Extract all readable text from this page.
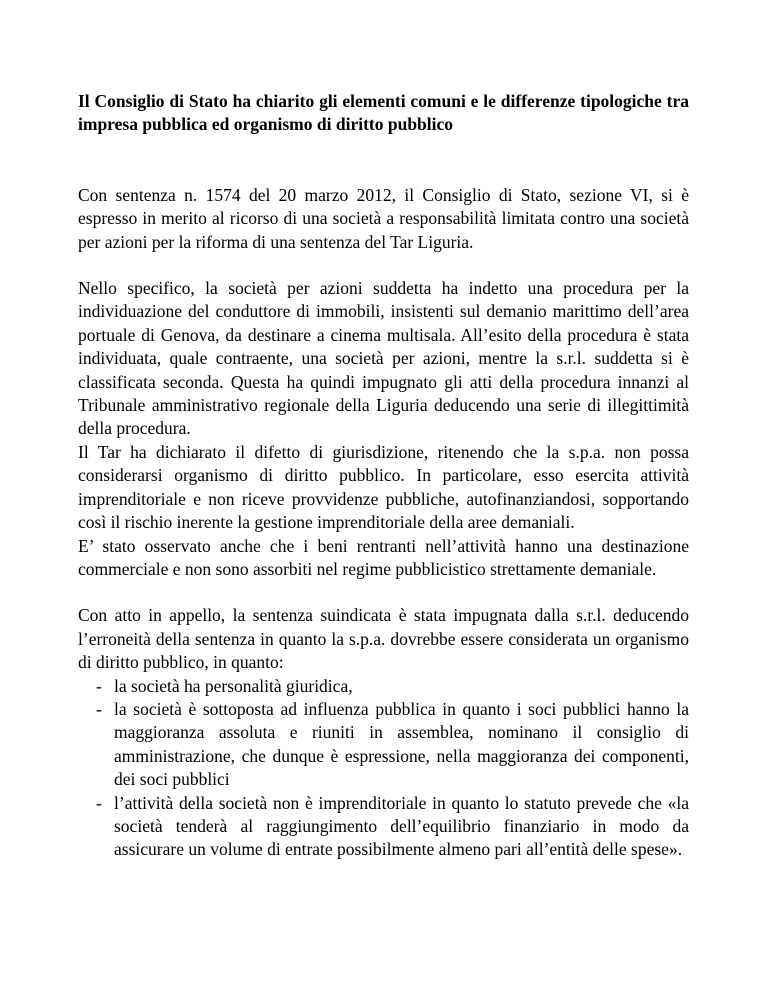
Il Consiglio di Stato ha chiarito gli elementi comuni e le differenze tipologiche tra impresa pubblica ed organismo di diritto pubblico

Con sentenza n. 1574 del 20 marzo 2012, il Consiglio di Stato, sezione VI, si è espresso in merito al ricorso di una società a responsabilità limitata contro una società per azioni per la riforma di una sentenza del Tar Liguria.

Nello specifico, la società per azioni suddetta ha indetto una procedura per la individuazione del conduttore di immobili, insistenti sul demanio marittimo dell’area portuale di Genova, da destinare a cinema multisala. All’esito della procedura è stata individuata, quale contraente, una società per azioni, mentre la s.r.l. suddetta si è classificata seconda. Questa ha quindi impugnato gli atti della procedura innanzi al Tribunale amministrativo regionale della Liguria deducendo una serie di illegittimità della procedura.

Il Tar ha dichiarato il difetto di giurisdizione, ritenendo che la s.p.a. non possa considerarsi organismo di diritto pubblico. In particolare, esso esercita attività imprenditoriale e non riceve provvidenze pubbliche, autofinanziandosi, sopportando così il rischio inerente la gestione imprenditoriale della aree demaniali.

E’ stato osservato anche che i beni rentranti nell’attività hanno una destinazione commerciale e non sono assorbiti nel regime pubblicistico strettamente demaniale.

Con atto in appello, la sentenza suindicata è stata impugnata dalla s.r.l. deducendo l’erroneità della sentenza in quanto la s.p.a. dovrebbe essere considerata un organismo di diritto pubblico, in quanto:

- la società ha personalità giuridica,
- la società è sottoposta ad influenza pubblica in quanto i soci pubblici hanno la maggioranza assoluta e riuniti in assemblea, nominano il consiglio di amministrazione, che dunque è espressione, nella maggioranza dei componenti, dei soci pubblici
- l’attività della società non è imprenditoriale in quanto lo statuto prevede che «la società tenderà al raggiungimento dell’equilibrio finanziario in modo da assicurare un volume di entrate possibilmente almeno pari all’entità delle spese».
